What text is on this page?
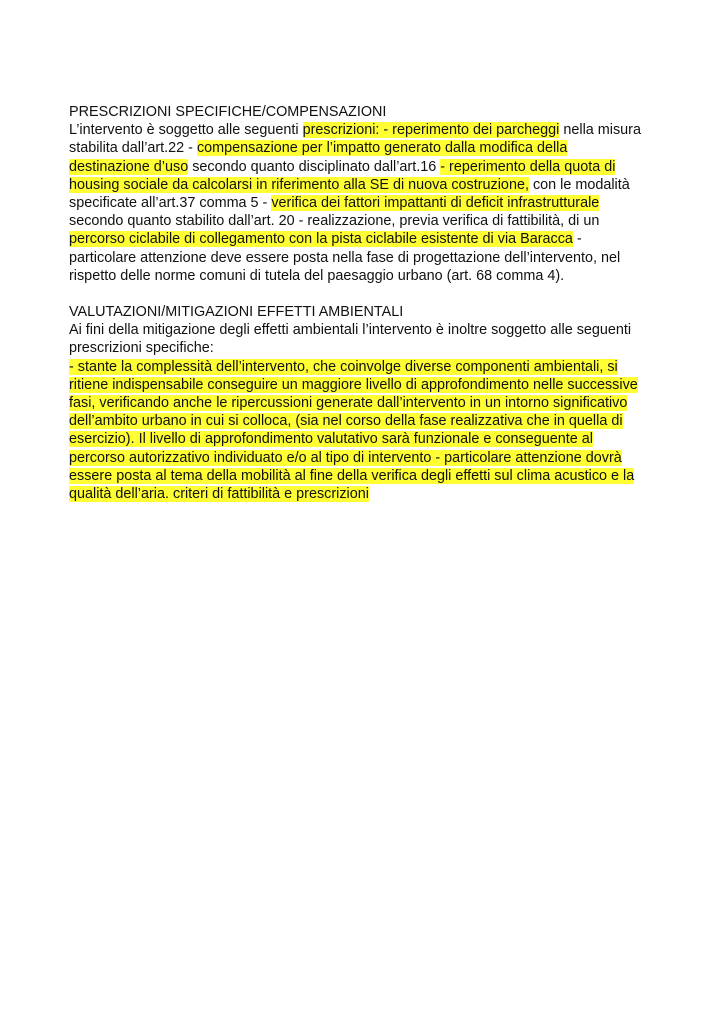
PRESCRIZIONI SPECIFICHE/COMPENSAZIONI
L’intervento è soggetto alle seguenti prescrizioni: - reperimento dei parcheggi nella misura
stabilita dall’art.22 - compensazione per l’impatto generato dalla modifica della
destinazione d’uso secondo quanto disciplinato dall’art.16 - reperimento della quota di
housing sociale da calcolarsi in riferimento alla SE di nuova costruzione, con le modalità
specificate all’art.37 comma 5 - verifica dei fattori impattanti di deficit infrastrutturale
secondo quanto stabilito dall’art. 20 - realizzazione, previa verifica di fattibilità, di un
percorso ciclabile di collegamento con la pista ciclabile esistente di via Baracca -
particolare attenzione deve essere posta nella fase di progettazione dell’intervento, nel
rispetto delle norme comuni di tutela del paesaggio urbano (art. 68 comma 4).
VALUTAZIONI/MITIGAZIONI EFFETTI AMBIENTALI
Ai fini della mitigazione degli effetti ambientali l’intervento è inoltre soggetto alle seguenti
prescrizioni specifiche:
- stante la complessità dell’intervento, che coinvolge diverse componenti ambientali, si
ritiene indispensabile conseguire un maggiore livello di approfondimento nelle successive
fasi, verificando anche le ripercussioni generate dall’intervento in un intorno significativo
dell’ambito urbano in cui si colloca, (sia nel corso della fase realizzativa che in quella di
esercizio). Il livello di approfondimento valutativo sarà funzionale e conseguente al
percorso autorizzativo individuato e/o al tipo di intervento - particolare attenzione dovrà
essere posta al tema della mobilità al fine della verifica degli effetti sul clima acustico e la
qualità dell’aria. criteri di fattibilità e prescrizioni
